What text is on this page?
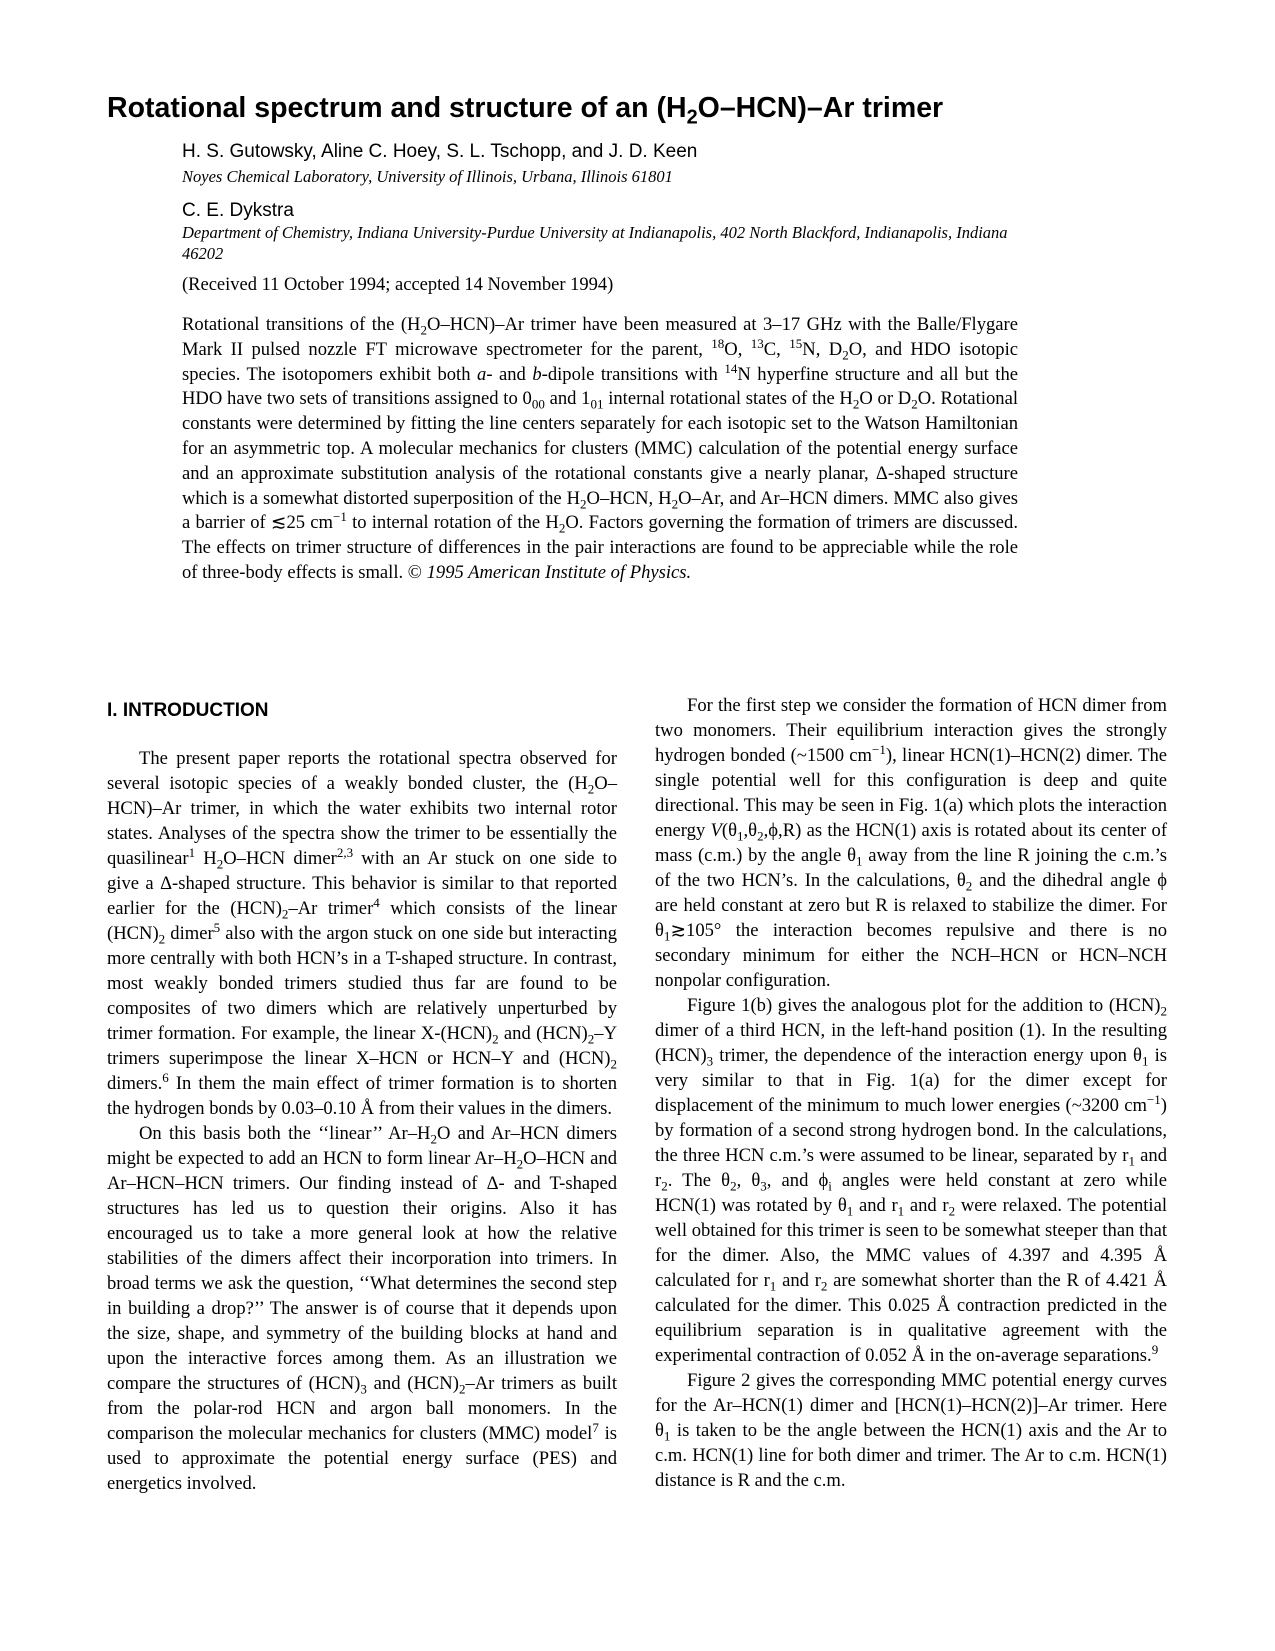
Rotational spectrum and structure of an $(H_2O-HCN)-Ar$ trimer
H. S. Gutowsky, Aline C. Hoey, S. L. Tschopp, and J. D. Keen
Noyes Chemical Laboratory, University of Illinois, Urbana, Illinois 61801
C. E. Dykstra
Department of Chemistry, Indiana University-Purdue University at Indianapolis, 402 North Blackford, Indianapolis, Indiana 46202
(Received 11 October 1994; accepted 14 November 1994)
Rotational transitions of the $(H_2O-HCN)-Ar$ trimer have been measured at 3–17 GHz with the Balle/Flygare Mark II pulsed nozzle FT microwave spectrometer for the parent, $^{18}$O, $^{13}$C, $^{15}$N, $D_2O$, and HDO isotopic species. The isotopomers exhibit both a- and b-dipole transitions with $^{14}$N hyperfine structure and all but the HDO have two sets of transitions assigned to $0_{00}$ and $1_{01}$ internal rotational states of the $H_2O$ or $D_2O$. Rotational constants were determined by fitting the line centers separately for each isotopic set to the Watson Hamiltonian for an asymmetric top. A molecular mechanics for clusters (MMC) calculation of the potential energy surface and an approximate substitution analysis of the rotational constants give a nearly planar, Δ-shaped structure which is a somewhat distorted superposition of the $H_2O$–HCN, $H_2O-Ar$, and Ar–HCN dimers. MMC also gives a barrier of ≲25 $cm^{-1}$ to internal rotation of the $H_2O$. Factors governing the formation of trimers are discussed. The effects on trimer structure of differences in the pair interactions are found to be appreciable while the role of three-body effects is small. © 1995 American Institute of Physics.
I. INTRODUCTION

The present paper reports the rotational spectra observed for several isotopic species of a weakly bonded cluster, the $(H_2O-HCN)-Ar$ trimer, in which the water exhibits two internal rotor states. Analyses of the spectra show the trimer to be essentially the quasilinear$^1$ $H_2O$–HCN dimer$^{2,3}$ with an Ar stuck on one side to give a Δ-shaped structure. This behavior is similar to that reported earlier for the $(HCN)_2-Ar$ trimer$^4$ which consists of the linear $(HCN)_2$ dimer$^5$ also with the argon stuck on one side but interacting more centrally with both HCN’s in a T-shaped structure. In contrast, most weakly bonded trimers studied thus far are found to be composites of two dimers which are relatively unperturbed by trimer formation. For example, the linear $X-(HCN)_2$ and $(HCN)_2-Y$ trimers superimpose the linear X–HCN or HCN–Y and $(HCN)_2$ dimers.$^6$ In them the main effect of trimer formation is to shorten the hydrogen bonds by 0.03–0.10 Å from their values in the dimers.

On this basis both the ‘‘linear’’ $Ar-H_2O$ and Ar–HCN dimers might be expected to add an HCN to form linear $Ar-H_2O$–HCN and Ar–HCN–HCN trimers. Our finding instead of Δ- and T-shaped structures has led us to question their origins. Also it has encouraged us to take a more general look at how the relative stabilities of the dimers affect their incorporation into trimers. In broad terms we ask the question, ‘‘What determines the second step in building a drop?’’ The answer is of course that it depends upon the size, shape, and symmetry of the building blocks at hand and upon the interactive forces among them. As an illustration we compare the structures of $(HCN)_3$ and $(HCN)_2-Ar$ trimers as built from the polar-rod HCN and argon ball monomers. In the comparison the molecular mechanics for clusters (MMC) model$^7$ is used to approximate the potential energy surface (PES) and energetics involved.

For the first step we consider the formation of HCN dimer from two monomers. Their equilibrium interaction gives the strongly hydrogen bonded (~1500 $cm^{-1}$), linear HCN(1)–HCN(2) dimer. The single potential well for this configuration is deep and quite directional. This may be seen in Fig. 1(a) which plots the interaction energy $V(\theta_1,\theta_2,\phi,R)$ as the HCN(1) axis is rotated about its center of mass (c.m.) by the angle $\theta_1$ away from the line R joining the c.m.’s of the two HCN’s. In the calculations, $\theta_2$ and the dihedral angle ϕ are held constant at zero but R is relaxed to stabilize the dimer. For $\theta_1≳105^\circ$ the interaction becomes repulsive and there is no secondary minimum for either the NCH–HCN or HCN–NCH nonpolar configuration.

Figure 1(b) gives the analogous plot for the addition to $(HCN)_2$ dimer of a third HCN, in the left-hand position (1). In the resulting $(HCN)_3$ trimer, the dependence of the interaction energy upon $\theta_1$ is very similar to that in Fig. 1(a) for the dimer except for displacement of the minimum to much lower energies (~3200 $cm^{-1}$) by formation of a second strong hydrogen bond. In the calculations, the three HCN c.m.’s were assumed to be linear, separated by $r_1$ and $r_2$. The $\theta_2$, $\theta_3$, and $\phi_i$ angles were held constant at zero while HCN(1) was rotated by $\theta_1$ and $r_1$ and $r_2$ were relaxed. The potential well obtained for this trimer is seen to be somewhat steeper than that for the dimer. Also, the MMC values of 4.397 and 4.395 Å calculated for $r_1$ and $r_2$ are somewhat shorter than the R of 4.421 Å calculated for the dimer. This 0.025 Å contraction predicted in the equilibrium separation is in qualitative agreement with the experimental contraction of 0.052 Å in the on-average separations.$^9$

Figure 2 gives the corresponding MMC potential energy curves for the Ar–HCN(1) dimer and [HCN(1)–HCN(2)]–Ar trimer. Here $\theta_1$ is taken to be the angle between the HCN(1) axis and the Ar to c.m. HCN(1) line for both dimer and trimer. The Ar to c.m. HCN(1) distance is R and the c.m.
